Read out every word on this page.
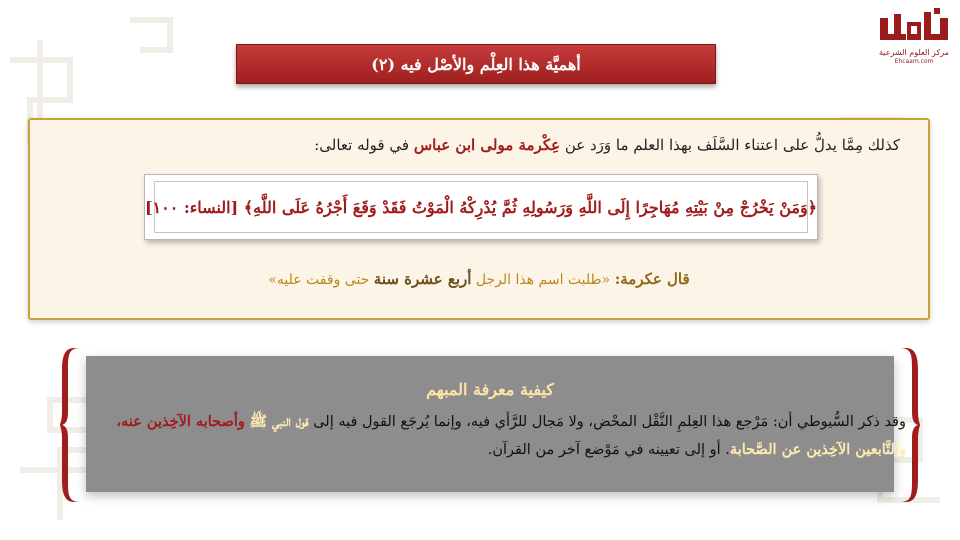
مركز العلوم الشرعية
Ehcaam.com
أهميَّة هذا العِلْم والأصْل فيه (٢)
كذلك مِمَّا يدلُّ على اعتناء السَّلَف بهذا العلم ما وَرَد عن عِكْرمة مولى ابن عباس في قوله تعالى:
﴿وَمَنْ يَخْرُجْ مِنْ بَيْتِهِ مُهَاجِرًا إِلَى اللَّهِ وَرَسُولِهِ ثُمَّ يُدْرِكْهُ الْمَوْتُ فَقَدْ وَقَعَ أَجْرُهُ عَلَى اللَّهِ﴾

[النساء: ١٠٠]
قال عكرمة: «طلبت اسم هذا الرجل أربع عشرة سنة حتى وقفت عليه»
كيفية معرفة المبهم
وقد ذكر السُّيوطي أن: مَرْجع هذا العِلمِ النَّقْل المحْض، ولا مَجال للرَّأي فيه، وإنما يُرجَع القول فيه إلى قول النبي ﷺ وأصحابه الآخِذين عنه، والتَّابعين الآخِذين عن الصَّحابة. أو إلى تعيينه في مَوْضع آخر من القرآن.
